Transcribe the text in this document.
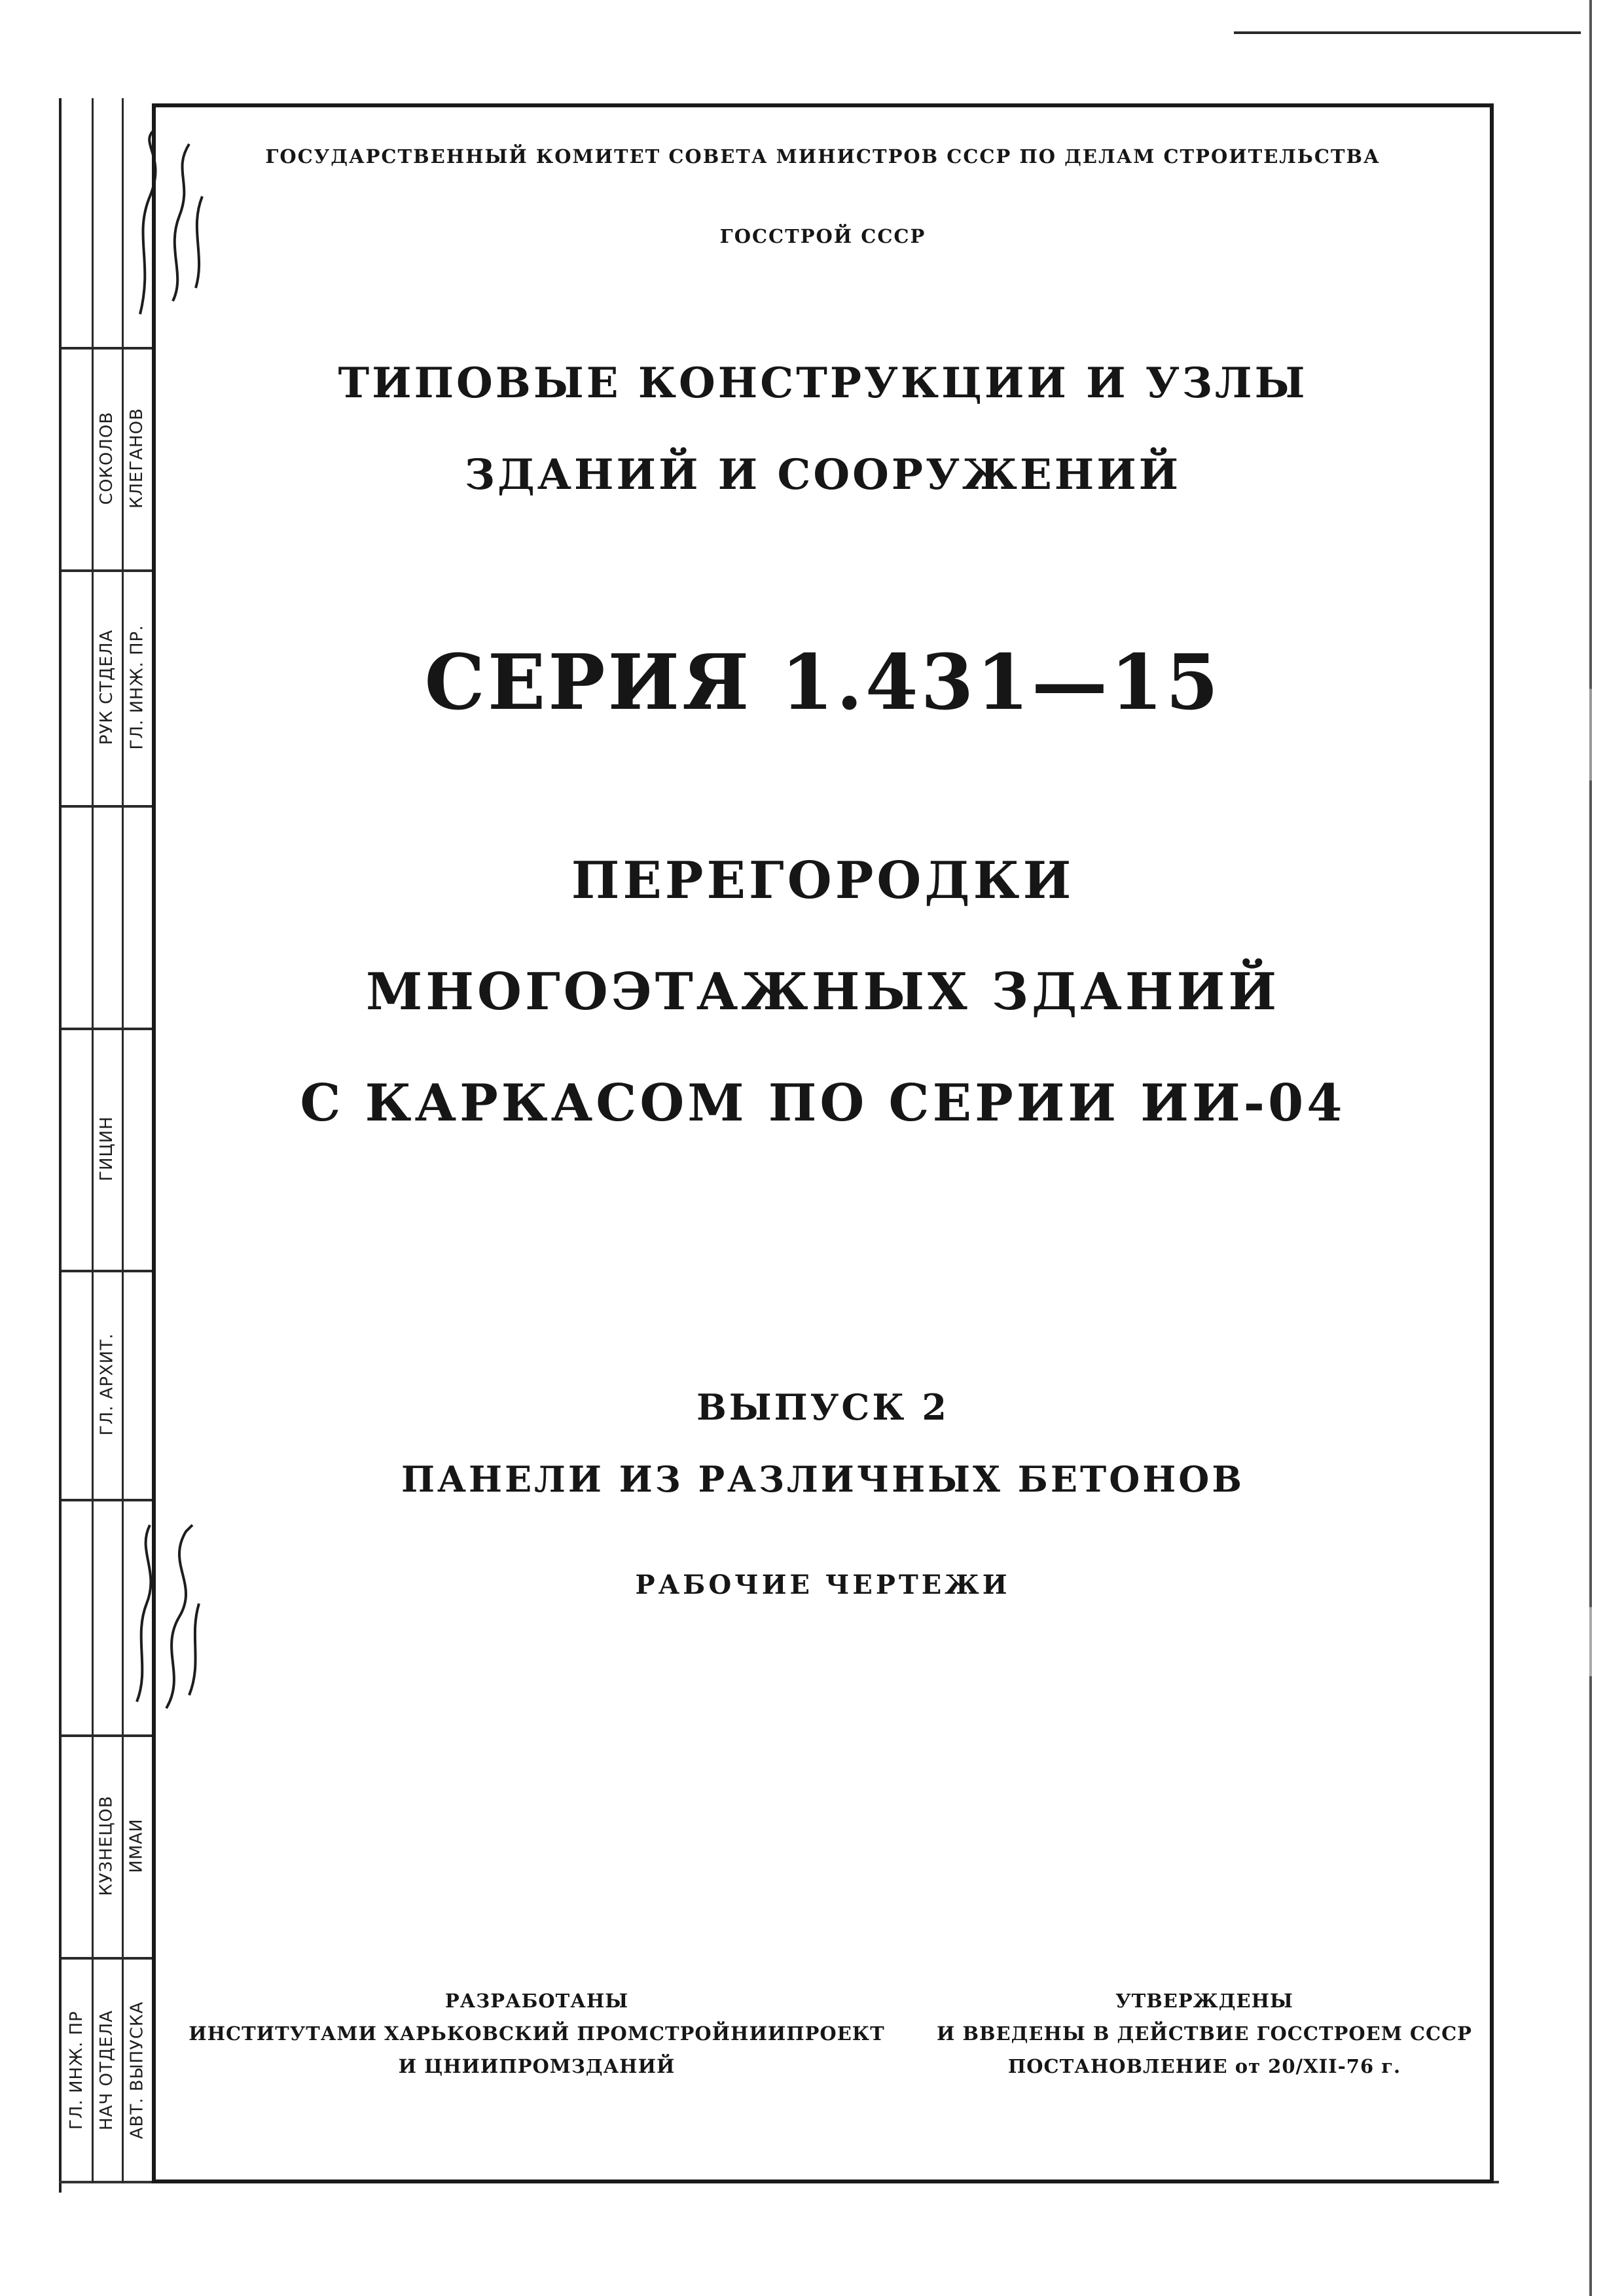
СОКОЛОВ КЛЕГАНОВ
РУК СТДЕЛА ГЛ. ИНЖ. ПР.
ГИЦИН
ГЛ. АРХИТ.
КУЗНЕЦОВ ИМАИ
ГЛ. ИНЖ. ПР НАЧ ОТДЕЛА АВТ. ВЫПУСКА
ГОСУДАРСТВЕННЫЙ КОМИТЕТ СОВЕТА МИНИСТРОВ СССР ПО ДЕЛАМ СТРОИТЕЛЬСТВА
ГОССТРОЙ СССР
ТИПОВЫЕ КОНСТРУКЦИИ И УЗЛЫ
ЗДАНИЙ И СООРУЖЕНИЙ
СЕРИЯ 1.431—15
ПЕРЕГОРОДКИ
МНОГОЭТАЖНЫХ ЗДАНИЙ
С КАРКАСОМ ПО СЕРИИ ИИ-04
ВЫПУСК 2
ПАНЕЛИ ИЗ РАЗЛИЧНЫХ БЕТОНОВ
РАБОЧИЕ ЧЕРТЕЖИ
РАЗРАБОТАНЫ
ИНСТИТУТАМИ ХАРЬКОВСКИЙ ПРОМСТРОЙНИИПРОЕКТ
И ЦНИИПРОМЗДАНИЙ
УТВЕРЖДЕНЫ
И ВВЕДЕНЫ В ДЕЙСТВИЕ ГОССТРОЕМ СССР
ПОСТАНОВЛЕНИЕ от 20/XII-76 г.
